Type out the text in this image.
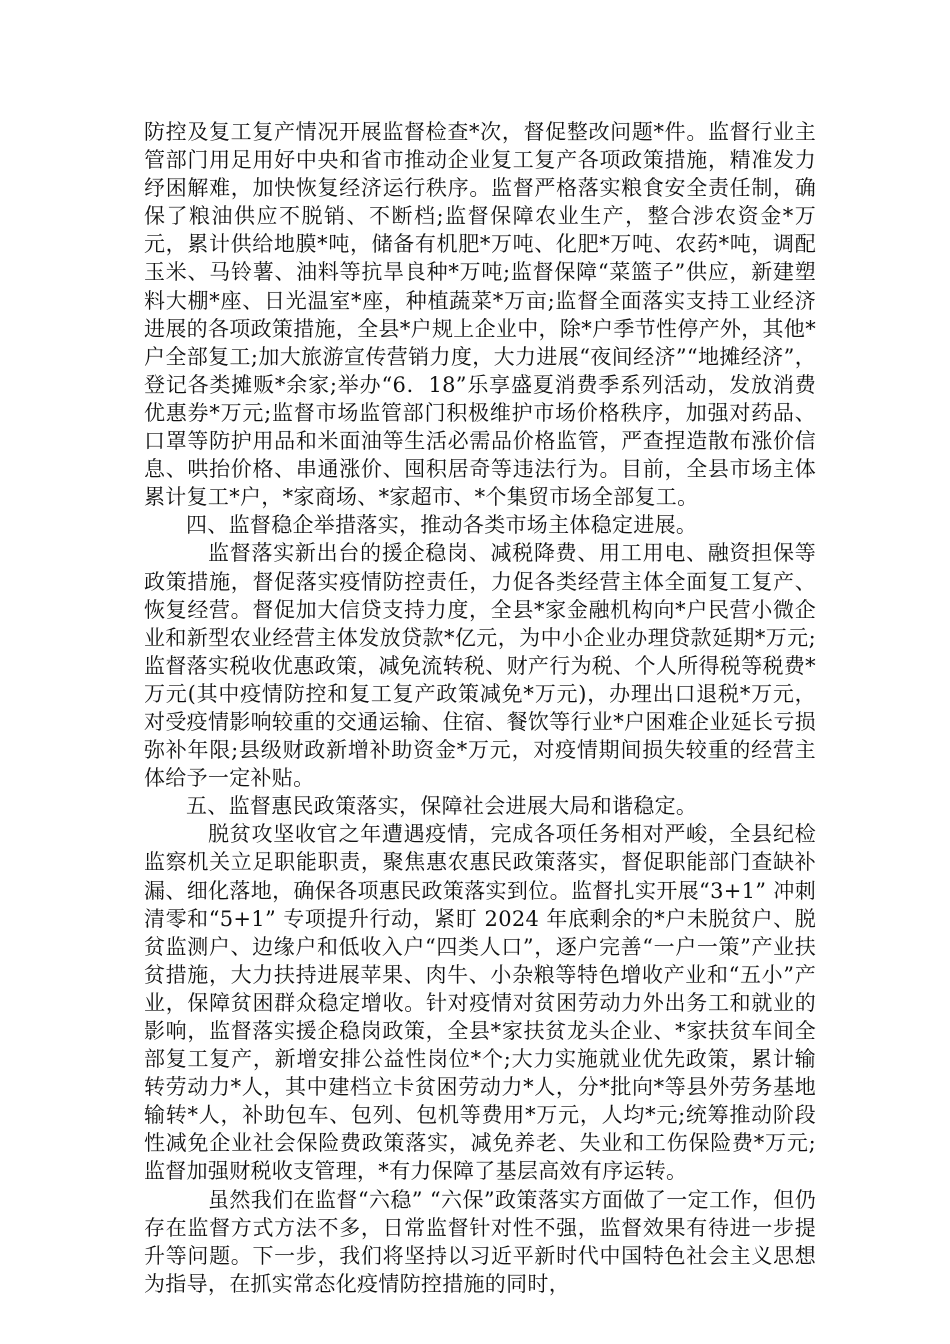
防控及复工复产情况开展监督检查*次，督促整改问题*件。监督行业主管部门用足用好中央和省市推动企业复工复产各项政策措施，精准发力纾困解难，加快恢复经济运行秩序。监督严格落实粮食安全责任制，确保了粮油供应不脱销、不断档;监督保障农业生产，整合涉农资金*万元，累计供给地膜*吨，储备有机肥*万吨、化肥*万吨、农药*吨，调配玉米、马铃薯、油料等抗旱良种*万吨;监督保障“菜篮子”供应，新建塑料大棚*座、日光温室*座，种植蔬菜*万亩;监督全面落实支持工业经济进展的各项政策措施，全县*户规上企业中，除*户季节性停产外，其他*户全部复工;加大旅游宣传营销力度，大力进展“夜间经济”“地摊经济”，登记各类摊贩*余家;举办“6．18”乐享盛夏消费季系列活动，发放消费优惠券*万元;监督市场监管部门积极维护市场价格秩序，加强对药品、口罩等防护用品和米面油等生活必需品价格监管，严查捏造散布涨价信息、哄抬价格、串通涨价、囤积居奇等违法行为。目前，全县市场主体累计复工*户，*家商场、*家超市、*个集贸市场全部复工。

四、监督稳企举措落实，推动各类市场主体稳定进展。

监督落实新出台的援企稳岗、减税降费、用工用电、融资担保等政策措施，督促落实疫情防控责任，力促各类经营主体全面复工复产、恢复经营。督促加大信贷支持力度，全县*家金融机构向*户民营小微企业和新型农业经营主体发放贷款*亿元，为中小企业办理贷款延期*万元;监督落实税收优惠政策，减免流转税、财产行为税、个人所得税等税费*万元(其中疫情防控和复工复产政策减免*万元)，办理出口退税*万元，对受疫情影响较重的交通运输、住宿、餐饮等行业*户困难企业延长亏损弥补年限;县级财政新增补助资金*万元，对疫情期间损失较重的经营主体给予一定补贴。

五、监督惠民政策落实，保障社会进展大局和谐稳定。

脱贫攻坚收官之年遭遇疫情，完成各项任务相对严峻，全县纪检监察机关立足职能职责，聚焦惠农惠民政策落实，督促职能部门查缺补漏、细化落地，确保各项惠民政策落实到位。监督扎实开展“3+1” 冲刺清零和“5+1” 专项提升行动，紧盯 2024 年底剩余的*户未脱贫户、脱贫监测户、边缘户和低收入户“四类人口”，逐户完善“一户一策”产业扶贫措施，大力扶持进展苹果、肉牛、小杂粮等特色增收产业和“五小”产业，保障贫困群众稳定增收。针对疫情对贫困劳动力外出务工和就业的影响，监督落实援企稳岗政策，全县*家扶贫龙头企业、*家扶贫车间全部复工复产，新增安排公益性岗位*个;大力实施就业优先政策，累计输转劳动力*人，其中建档立卡贫困劳动力*人，分*批向*等县外劳务基地输转*人，补助包车、包列、包机等费用*万元，人均*元;统筹推动阶段性减免企业社会保险费政策落实，减免养老、失业和工伤保险费*万元;监督加强财税收支管理，*有力保障了基层高效有序运转。

虽然我们在监督“六稳” “六保”政策落实方面做了一定工作，但仍存在监督方式方法不多，日常监督针对性不强，监督效果有待进一步提升等问题。下一步，我们将坚持以习近平新时代中国特色社会主义思想为指导，在抓实常态化疫情防控措施的同时，
